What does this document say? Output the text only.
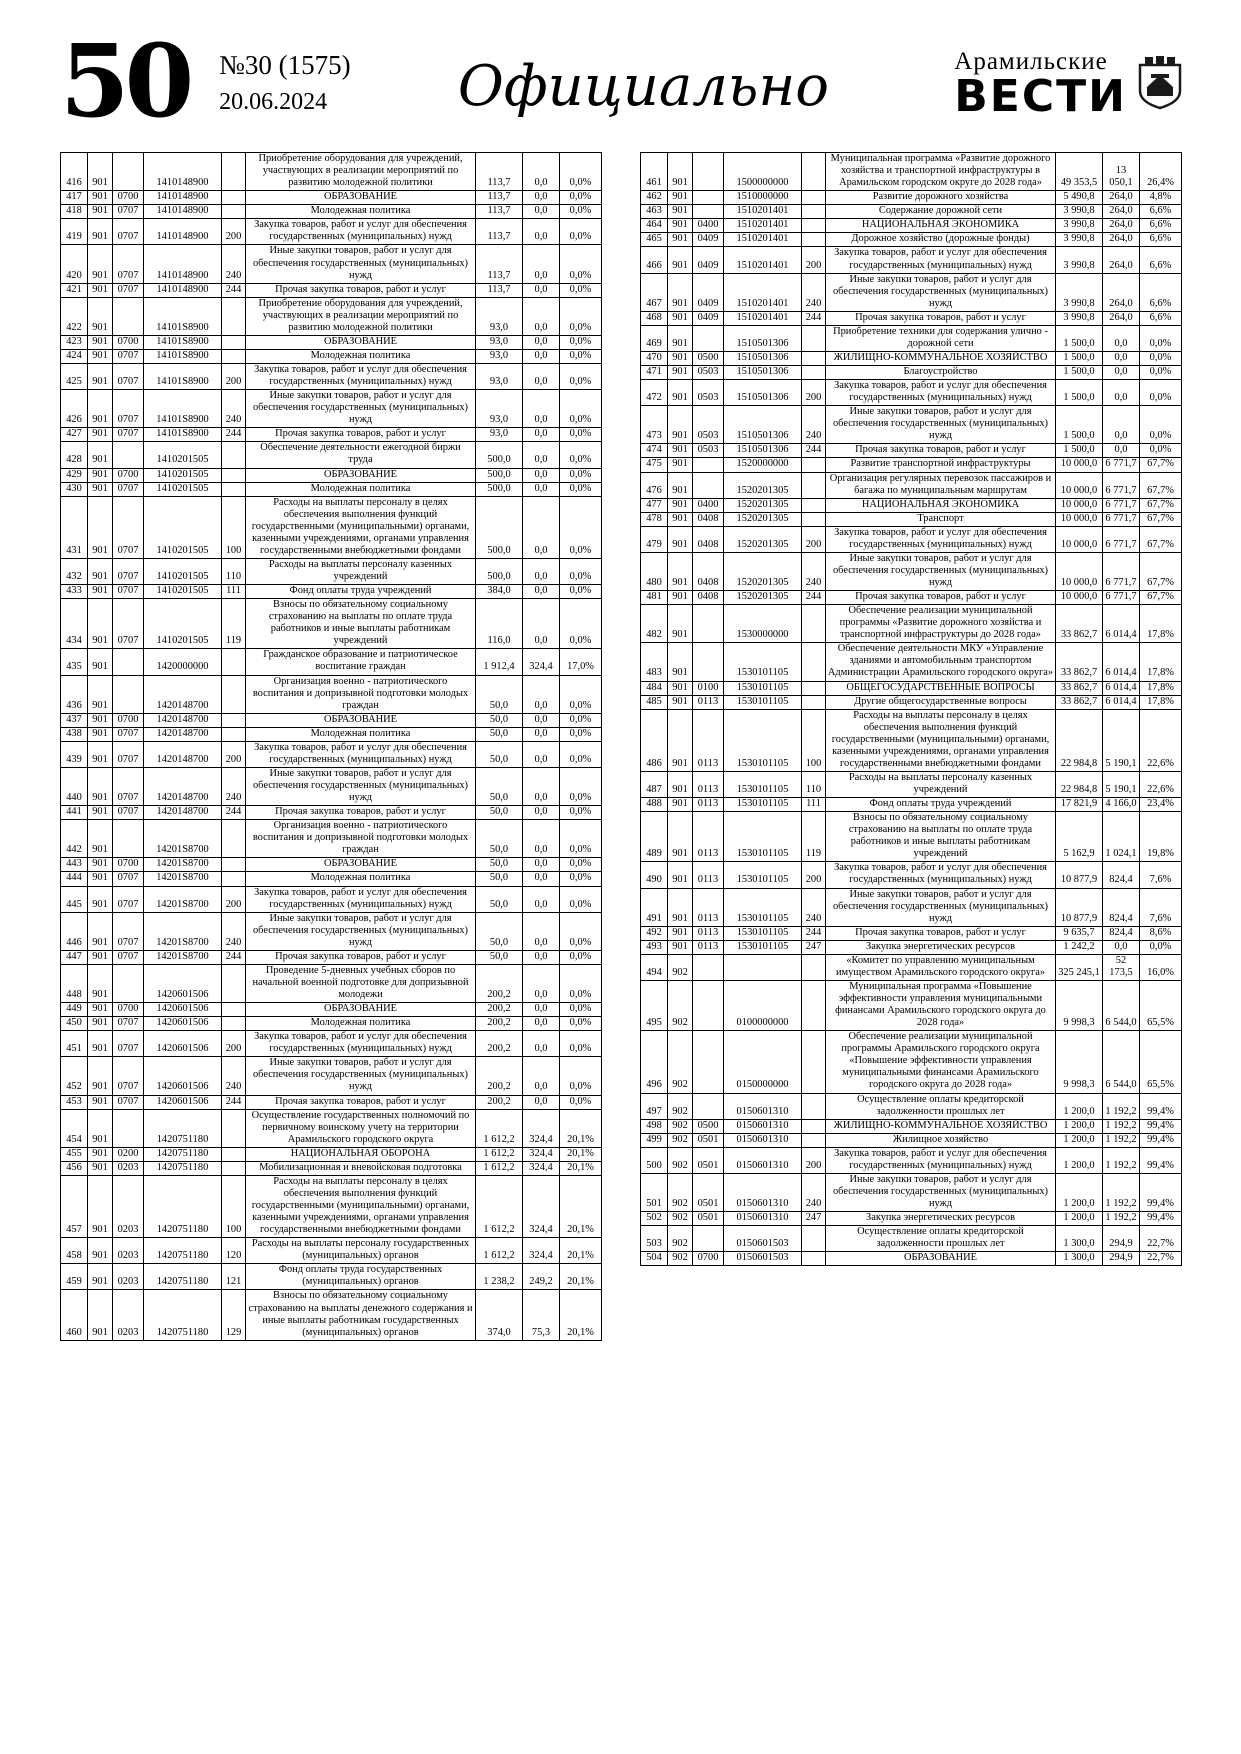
50 №30 (1575)
20.06.2024	Официально	Арамильские
ВЕСТИ
416	901		1410148900		Приобретение оборудования для учреждений, участвующих в реализации мероприятий по развитию молодежной политики	113,7	0,0	0,0%
417	901	0700	1410148900		ОБРАЗОВАНИЕ	113,7	0,0	0,0%
418	901	0707	1410148900		Молодежная политика	113,7	0,0	0,0%
419	901	0707	1410148900	200	Закупка товаров, работ и услуг для обеспечения государственных (муниципальных) нужд	113,7	0,0	0,0%
420	901	0707	1410148900	240	Иные закупки товаров, работ и услуг для обеспечения государственных (муниципальных) нужд	113,7	0,0	0,0%
421	901	0707	1410148900	244	Прочая закупка товаров, работ и услуг	113,7	0,0	0,0%
422	901		14101S8900		Приобретение оборудования для учреждений, участвующих в реализации мероприятий по развитию молодежной политики	93,0	0,0	0,0%
423	901	0700	14101S8900		ОБРАЗОВАНИЕ	93,0	0,0	0,0%
424	901	0707	14101S8900		Молодежная политика	93,0	0,0	0,0%
425	901	0707	14101S8900	200	Закупка товаров, работ и услуг для обеспечения государственных (муниципальных) нужд	93,0	0,0	0,0%
426	901	0707	14101S8900	240	Иные закупки товаров, работ и услуг для обеспечения государственных (муниципальных) нужд	93,0	0,0	0,0%
427	901	0707	14101S8900	244	Прочая закупка товаров, работ и услуг	93,0	0,0	0,0%
428	901		1410201505		Обеспечение деятельности ежегодной биржи труда	500,0	0,0	0,0%
429	901	0700	1410201505		ОБРАЗОВАНИЕ	500,0	0,0	0,0%
430	901	0707	1410201505		Молодежная политика	500,0	0,0	0,0%
431	901	0707	1410201505	100	Расходы на выплаты персоналу в целях обеспечения выполнения функций государственными (муниципальными) органами, казенными учреждениями, органами управления государственными внебюджетными фондами	500,0	0,0	0,0%
432	901	0707	1410201505	110	Расходы на выплаты персоналу казенных учреждений	500,0	0,0	0,0%
433	901	0707	1410201505	111	Фонд оплаты труда учреждений	384,0	0,0	0,0%
434	901	0707	1410201505	119	Взносы по обязательному социальному страхованию на выплаты по оплате труда работников и иные выплаты работникам учреждений	116,0	0,0	0,0%
435	901		1420000000		Гражданское образование и патриотическое воспитание граждан	1 912,4	324,4	17,0%
436	901		1420148700		Организация военно - патриотического воспитания и допризывной подготовки молодых граждан	50,0	0,0	0,0%
437	901	0700	1420148700		ОБРАЗОВАНИЕ	50,0	0,0	0,0%
438	901	0707	1420148700		Молодежная политика	50,0	0,0	0,0%
439	901	0707	1420148700	200	Закупка товаров, работ и услуг для обеспечения государственных (муниципальных) нужд	50,0	0,0	0,0%
440	901	0707	1420148700	240	Иные закупки товаров, работ и услуг для обеспечения государственных (муниципальных) нужд	50,0	0,0	0,0%
441	901	0707	1420148700	244	Прочая закупка товаров, работ и услуг	50,0	0,0	0,0%
442	901		14201S8700		Организация военно - патриотического воспитания и допризывной подготовки молодых граждан	50,0	0,0	0,0%
443	901	0700	14201S8700		ОБРАЗОВАНИЕ	50,0	0,0	0,0%
444	901	0707	14201S8700		Молодежная политика	50,0	0,0	0,0%
445	901	0707	14201S8700	200	Закупка товаров, работ и услуг для обеспечения государственных (муниципальных) нужд	50,0	0,0	0,0%
446	901	0707	14201S8700	240	Иные закупки товаров, работ и услуг для обеспечения государственных (муниципальных) нужд	50,0	0,0	0,0%
447	901	0707	14201S8700	244	Прочая закупка товаров, работ и услуг	50,0	0,0	0,0%
448	901		1420601506		Проведение 5-дневных учебных сборов по начальной военной подготовке для допризывной молодежи	200,2	0,0	0,0%
449	901	0700	1420601506		ОБРАЗОВАНИЕ	200,2	0,0	0,0%
450	901	0707	1420601506		Молодежная политика	200,2	0,0	0,0%
451	901	0707	1420601506	200	Закупка товаров, работ и услуг для обеспечения государственных (муниципальных) нужд	200,2	0,0	0,0%
452	901	0707	1420601506	240	Иные закупки товаров, работ и услуг для обеспечения государственных (муниципальных) нужд	200,2	0,0	0,0%
453	901	0707	1420601506	244	Прочая закупка товаров, работ и услуг	200,2	0,0	0,0%
454	901		1420751180		Осуществление государственных полномочий по первичному воинскому учету на территории Арамильского городского округа	1 612,2	324,4	20,1%
455	901	0200	1420751180		НАЦИОНАЛЬНАЯ ОБОРОНА	1 612,2	324,4	20,1%
456	901	0203	1420751180		Мобилизационная и вневойсковая подготовка	1 612,2	324,4	20,1%
457	901	0203	1420751180	100	Расходы на выплаты персоналу в целях обеспечения выполнения функций государственными (муниципальными) органами, казенными учреждениями, органами управления государственными внебюджетными фондами	1 612,2	324,4	20,1%
458	901	0203	1420751180	120	Расходы на выплаты персоналу государственных (муниципальных) органов	1 612,2	324,4	20,1%
459	901	0203	1420751180	121	Фонд оплаты труда государственных (муниципальных) органов	1 238,2	249,2	20,1%
460	901	0203	1420751180	129	Взносы по обязательному социальному страхованию на выплаты денежного содержания и иные выплаты работникам государственных (муниципальных) органов	374,0	75,3	20,1%
461	901		1500000000		Муниципальная программа «Развитие дорожного хозяйства и транспортной инфраструктуры в Арамильском городском округе до 2028 года»	49 353,5	13 050,1	26,4%
462	901		1510000000		Развитие дорожного хозяйства	5 490,8	264,0	4,8%
463	901		1510201401		Содержание дорожной сети	3 990,8	264,0	6,6%
464	901	0400	1510201401		НАЦИОНАЛЬНАЯ ЭКОНОМИКА	3 990,8	264,0	6,6%
465	901	0409	1510201401		Дорожное хозяйство (дорожные фонды)	3 990,8	264,0	6,6%
466	901	0409	1510201401	200	Закупка товаров, работ и услуг для обеспечения государственных (муниципальных) нужд	3 990,8	264,0	6,6%
467	901	0409	1510201401	240	Иные закупки товаров, работ и услуг для обеспечения государственных (муниципальных) нужд	3 990,8	264,0	6,6%
468	901	0409	1510201401	244	Прочая закупка товаров, работ и услуг	3 990,8	264,0	6,6%
469	901		1510501306		Приобретение техники для содержания улично - дорожной сети	1 500,0	0,0	0,0%
470	901	0500	1510501306		ЖИЛИЩНО-КОММУНАЛЬНОЕ ХОЗЯЙСТВО	1 500,0	0,0	0,0%
471	901	0503	1510501306		Благоустройство	1 500,0	0,0	0,0%
472	901	0503	1510501306	200	Закупка товаров, работ и услуг для обеспечения государственных (муниципальных) нужд	1 500,0	0,0	0,0%
473	901	0503	1510501306	240	Иные закупки товаров, работ и услуг для обеспечения государственных (муниципальных) нужд	1 500,0	0,0	0,0%
474	901	0503	1510501306	244	Прочая закупка товаров, работ и услуг	1 500,0	0,0	0,0%
475	901		1520000000		Развитие транспортной инфраструктуры	10 000,0	6 771,7	67,7%
476	901		1520201305		Организация регулярных перевозок пассажиров и багажа по муниципальным маршрутам	10 000,0	6 771,7	67,7%
477	901	0400	1520201305		НАЦИОНАЛЬНАЯ ЭКОНОМИКА	10 000,0	6 771,7	67,7%
478	901	0408	1520201305		Транспорт	10 000,0	6 771,7	67,7%
479	901	0408	1520201305	200	Закупка товаров, работ и услуг для обеспечения государственных (муниципальных) нужд	10 000,0	6 771,7	67,7%
480	901	0408	1520201305	240	Иные закупки товаров, работ и услуг для обеспечения государственных (муниципальных) нужд	10 000,0	6 771,7	67,7%
481	901	0408	1520201305	244	Прочая закупка товаров, работ и услуг	10 000,0	6 771,7	67,7%
482	901		1530000000		Обеспечение реализации муниципальной программы «Развитие дорожного хозяйства и транспортной инфраструктуры до 2028 года»	33 862,7	6 014,4	17,8%
483	901		1530101105		Обеспечение деятельности МКУ «Управление зданиями и автомобильным транспортом Администрации Арамильского городского округа»	33 862,7	6 014,4	17,8%
484	901	0100	1530101105		ОБЩЕГОСУДАРСТВЕННЫЕ ВОПРОСЫ	33 862,7	6 014,4	17,8%
485	901	0113	1530101105		Другие общегосударственные вопросы	33 862,7	6 014,4	17,8%
486	901	0113	1530101105	100	Расходы на выплаты персоналу в целях обеспечения выполнения функций государственными (муниципальными) органами, казенными учреждениями, органами управления государственными внебюджетными фондами	22 984,8	5 190,1	22,6%
487	901	0113	1530101105	110	Расходы на выплаты персоналу казенных учреждений	22 984,8	5 190,1	22,6%
488	901	0113	1530101105	111	Фонд оплаты труда учреждений	17 821,9	4 166,0	23,4%
489	901	0113	1530101105	119	Взносы по обязательному социальному страхованию на выплаты по оплате труда работников и иные выплаты работникам учреждений	5 162,9	1 024,1	19,8%
490	901	0113	1530101105	200	Закупка товаров, работ и услуг для обеспечения государственных (муниципальных) нужд	10 877,9	824,4	7,6%
491	901	0113	1530101105	240	Иные закупки товаров, работ и услуг для обеспечения государственных (муниципальных) нужд	10 877,9	824,4	7,6%
492	901	0113	1530101105	244	Прочая закупка товаров, работ и услуг	9 635,7	824,4	8,6%
493	901	0113	1530101105	247	Закупка энергетических ресурсов	1 242,2	0,0	0,0%
494	902				«Комитет по управлению муниципальным имуществом Арамильского городского округа»	325 245,1	52 173,5	16,0%
495	902		0100000000		Муниципальная программа «Повышение эффективности управления муниципальными финансами Арамильского городского округа до 2028 года»	9 998,3	6 544,0	65,5%
496	902		0150000000		Обеспечение реализации муниципальной программы Арамильского городского округа «Повышение эффективности управления муниципальными финансами Арамильского городского округа до 2028 года»	9 998,3	6 544,0	65,5%
497	902		0150601310		Осуществление оплаты кредиторской задолженности прошлых лет	1 200,0	1 192,2	99,4%
498	902	0500	0150601310		ЖИЛИЩНО-КОММУНАЛЬНОЕ ХОЗЯЙСТВО	1 200,0	1 192,2	99,4%
499	902	0501	0150601310		Жилищное хозяйство	1 200,0	1 192,2	99,4%
500	902	0501	0150601310	200	Закупка товаров, работ и услуг для обеспечения государственных (муниципальных) нужд	1 200,0	1 192,2	99,4%
501	902	0501	0150601310	240	Иные закупки товаров, работ и услуг для обеспечения государственных (муниципальных) нужд	1 200,0	1 192,2	99,4%
502	902	0501	0150601310	247	Закупка энергетических ресурсов	1 200,0	1 192,2	99,4%
503	902		0150601503		Осуществление оплаты кредиторской задолженности прошлых лет	1 300,0	294,9	22,7%
504	902	0700	0150601503		ОБРАЗОВАНИЕ	1 300,0	294,9	22,7%
